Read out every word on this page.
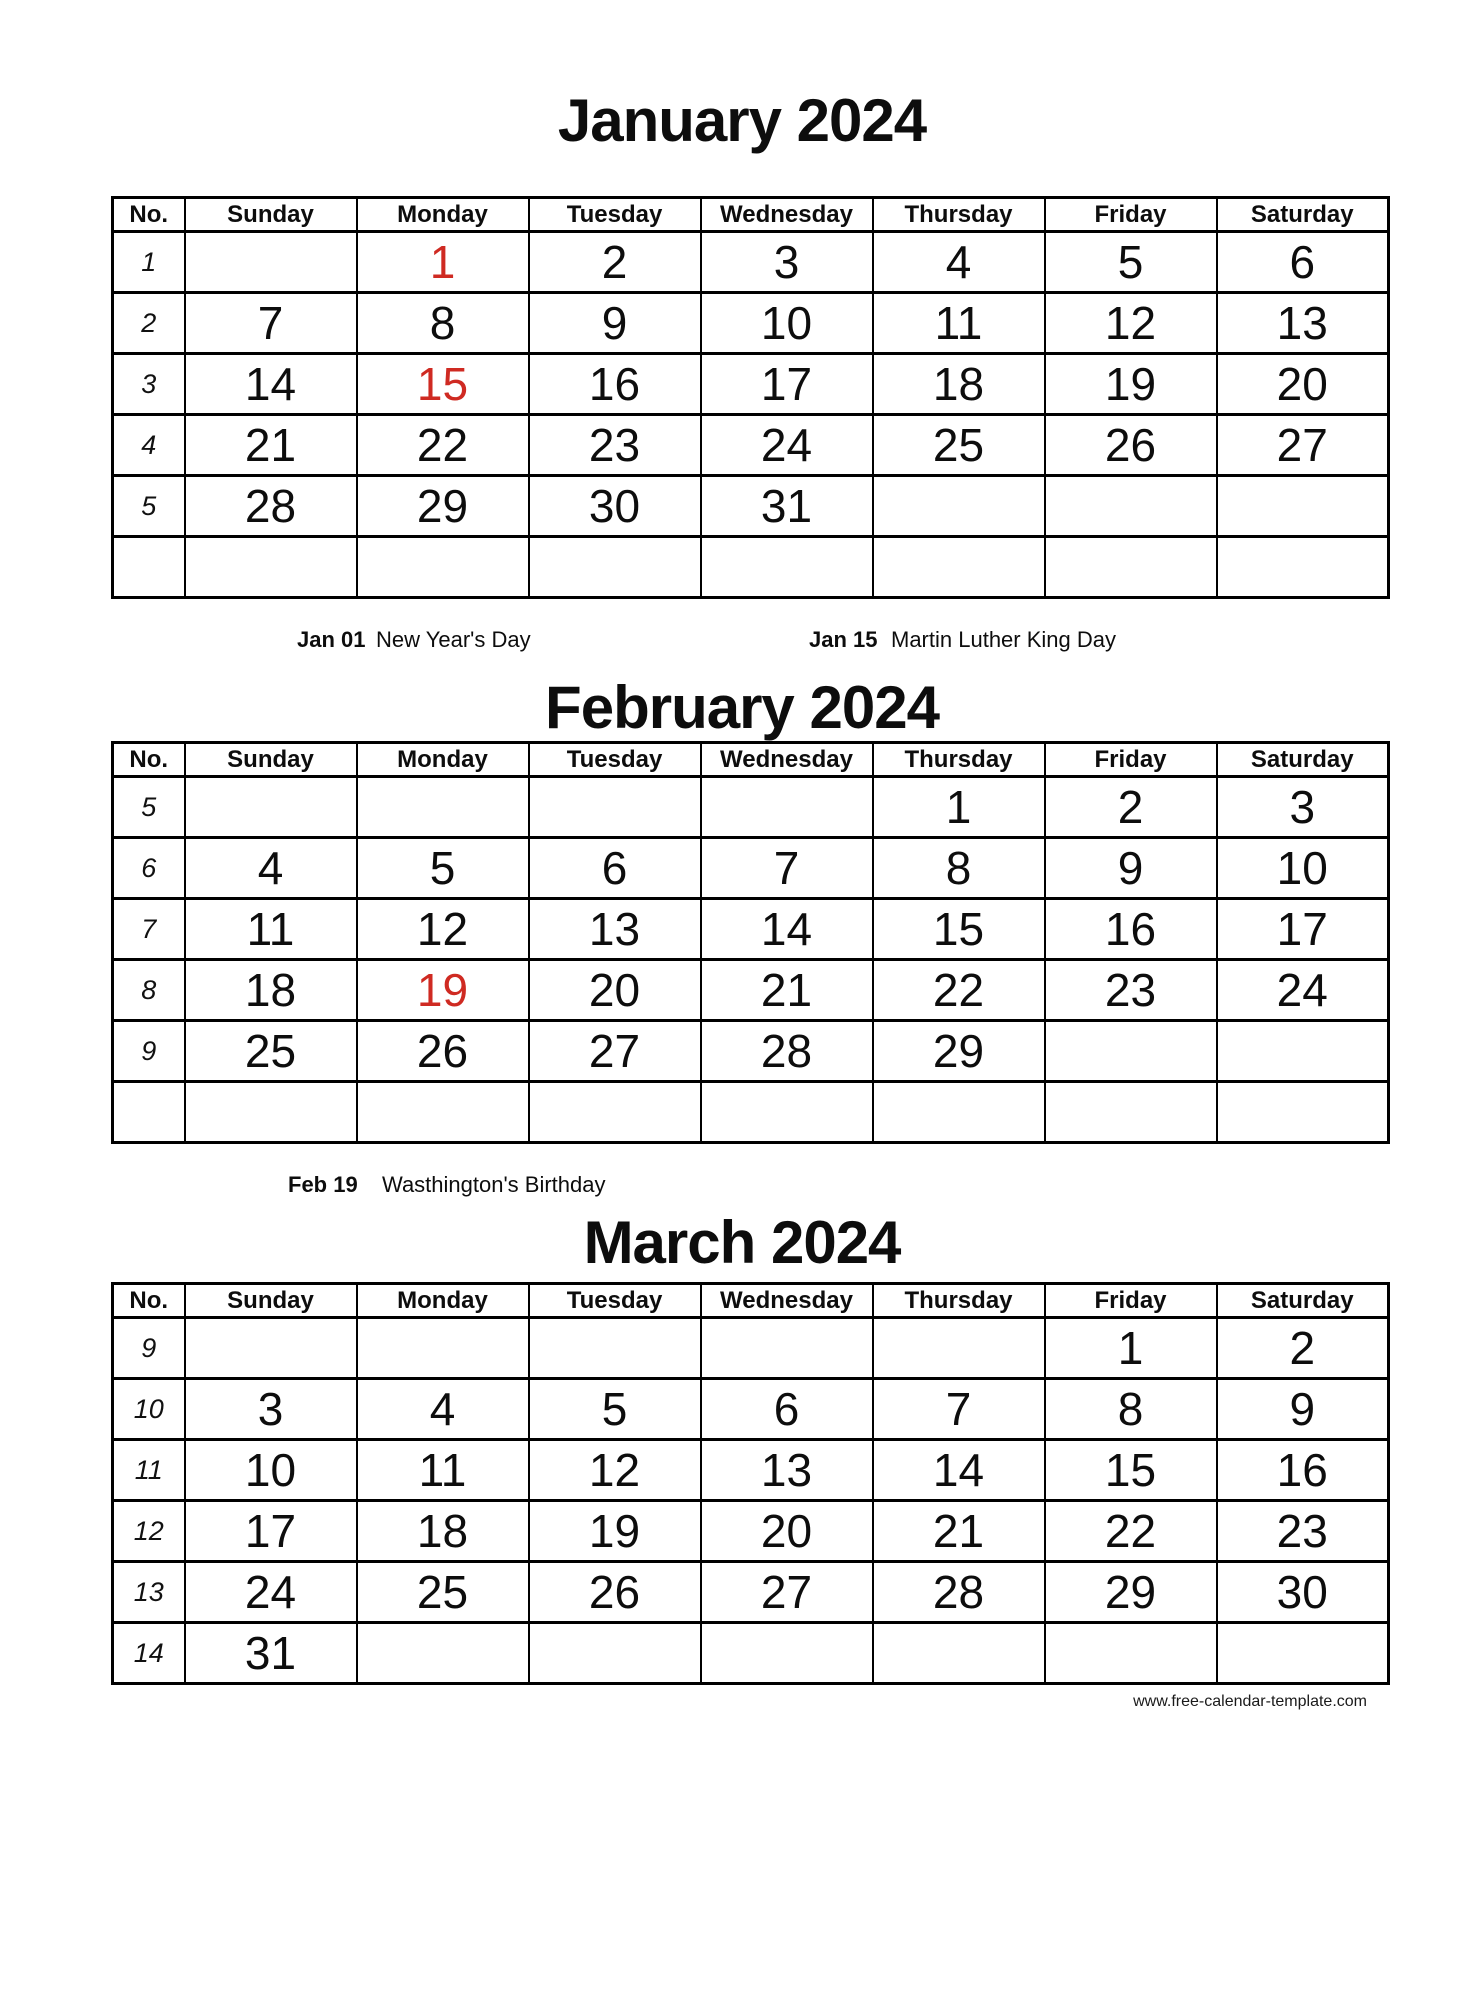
January 2024
No.	Sunday	Monday	Tuesday	Wednesday	Thursday	Friday	Saturday
1		1	2	3	4	5	6
2	7	8	9	10	11	12	13
3	14	15	16	17	18	19	20
4	21	22	23	24	25	26	27
5	28	29	30	31			

Jan 01 New Year's Day	Jan 15 Martin Luther King Day
February 2024
No.	Sunday	Monday	Tuesday	Wednesday	Thursday	Friday	Saturday
5					1	2	3
6	4	5	6	7	8	9	10
7	11	12	13	14	15	16	17
8	18	19	20	21	22	23	24
9	25	26	27	28	29		

Feb 19 Wasthington's Birthday
March 2024
No.	Sunday	Monday	Tuesday	Wednesday	Thursday	Friday	Saturday
9						1	2
10	3	4	5	6	7	8	9
11	10	11	12	13	14	15	16
12	17	18	19	20	21	22	23
13	24	25	26	27	28	29	30
14	31						
www.free-calendar-template.com
